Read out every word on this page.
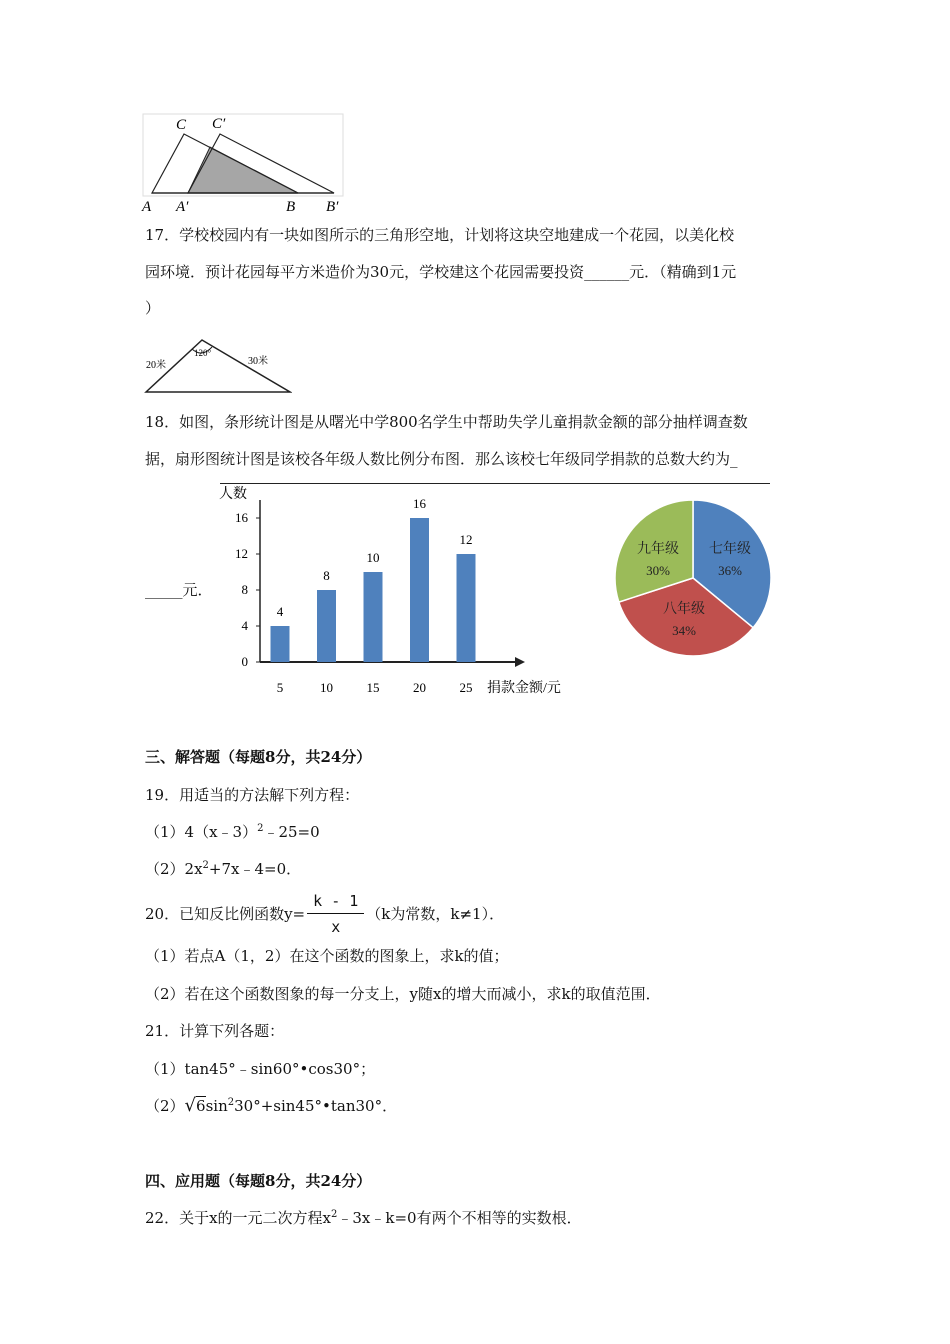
C C′
A A′	B B′
17．学校校园内有一块如图所示的三角形空地，计划将这块空地建成一个花园，以美化校
园环境．预计花园每平方米造价为30元，学校建这个花园需要投资______元．（精确到1元
）
20米
120°
30米
18．如图，条形统计图是从曙光中学800名学生中帮助失学儿童捐款金额的部分抽样调查数
据，扇形图统计图是该校各年级人数比例分布图．那么该校七年级同学捐款的总数大约为_
_____元．
人数
捐款金额/元
0
4
8
12
16
4
5
8
10
10
15
16
20
12
25
七年级
36%
八年级
34%
九年级
30%
三、解答题（每题8分，共24分）
19．用适当的方法解下列方程：
（1）4（x﹣3）$^2$﹣25=0
$(2)2x^2+7x﹣4=0$．
20．已知反比例函数$y= \frac{k - 1}{x} (k$为常数，k≠1）．
（1）若点A（1，2）在这个函数的图象上，求k的值；
（2）若在这个函数图象的每一分支上，y随x的增大而减小，求k的取值范围．
21．计算下列各题：
（1）tan45°﹣sin60°•cos30°；
$(2)√6\sin^230^\circ+\sin 45^\circ•\tan 30^\circ$．
四、应用题（每题8分，共24分）
22．关于x的一元二次方程$x^2﹣3x﹣k=0$有两个不相等的实数根．
